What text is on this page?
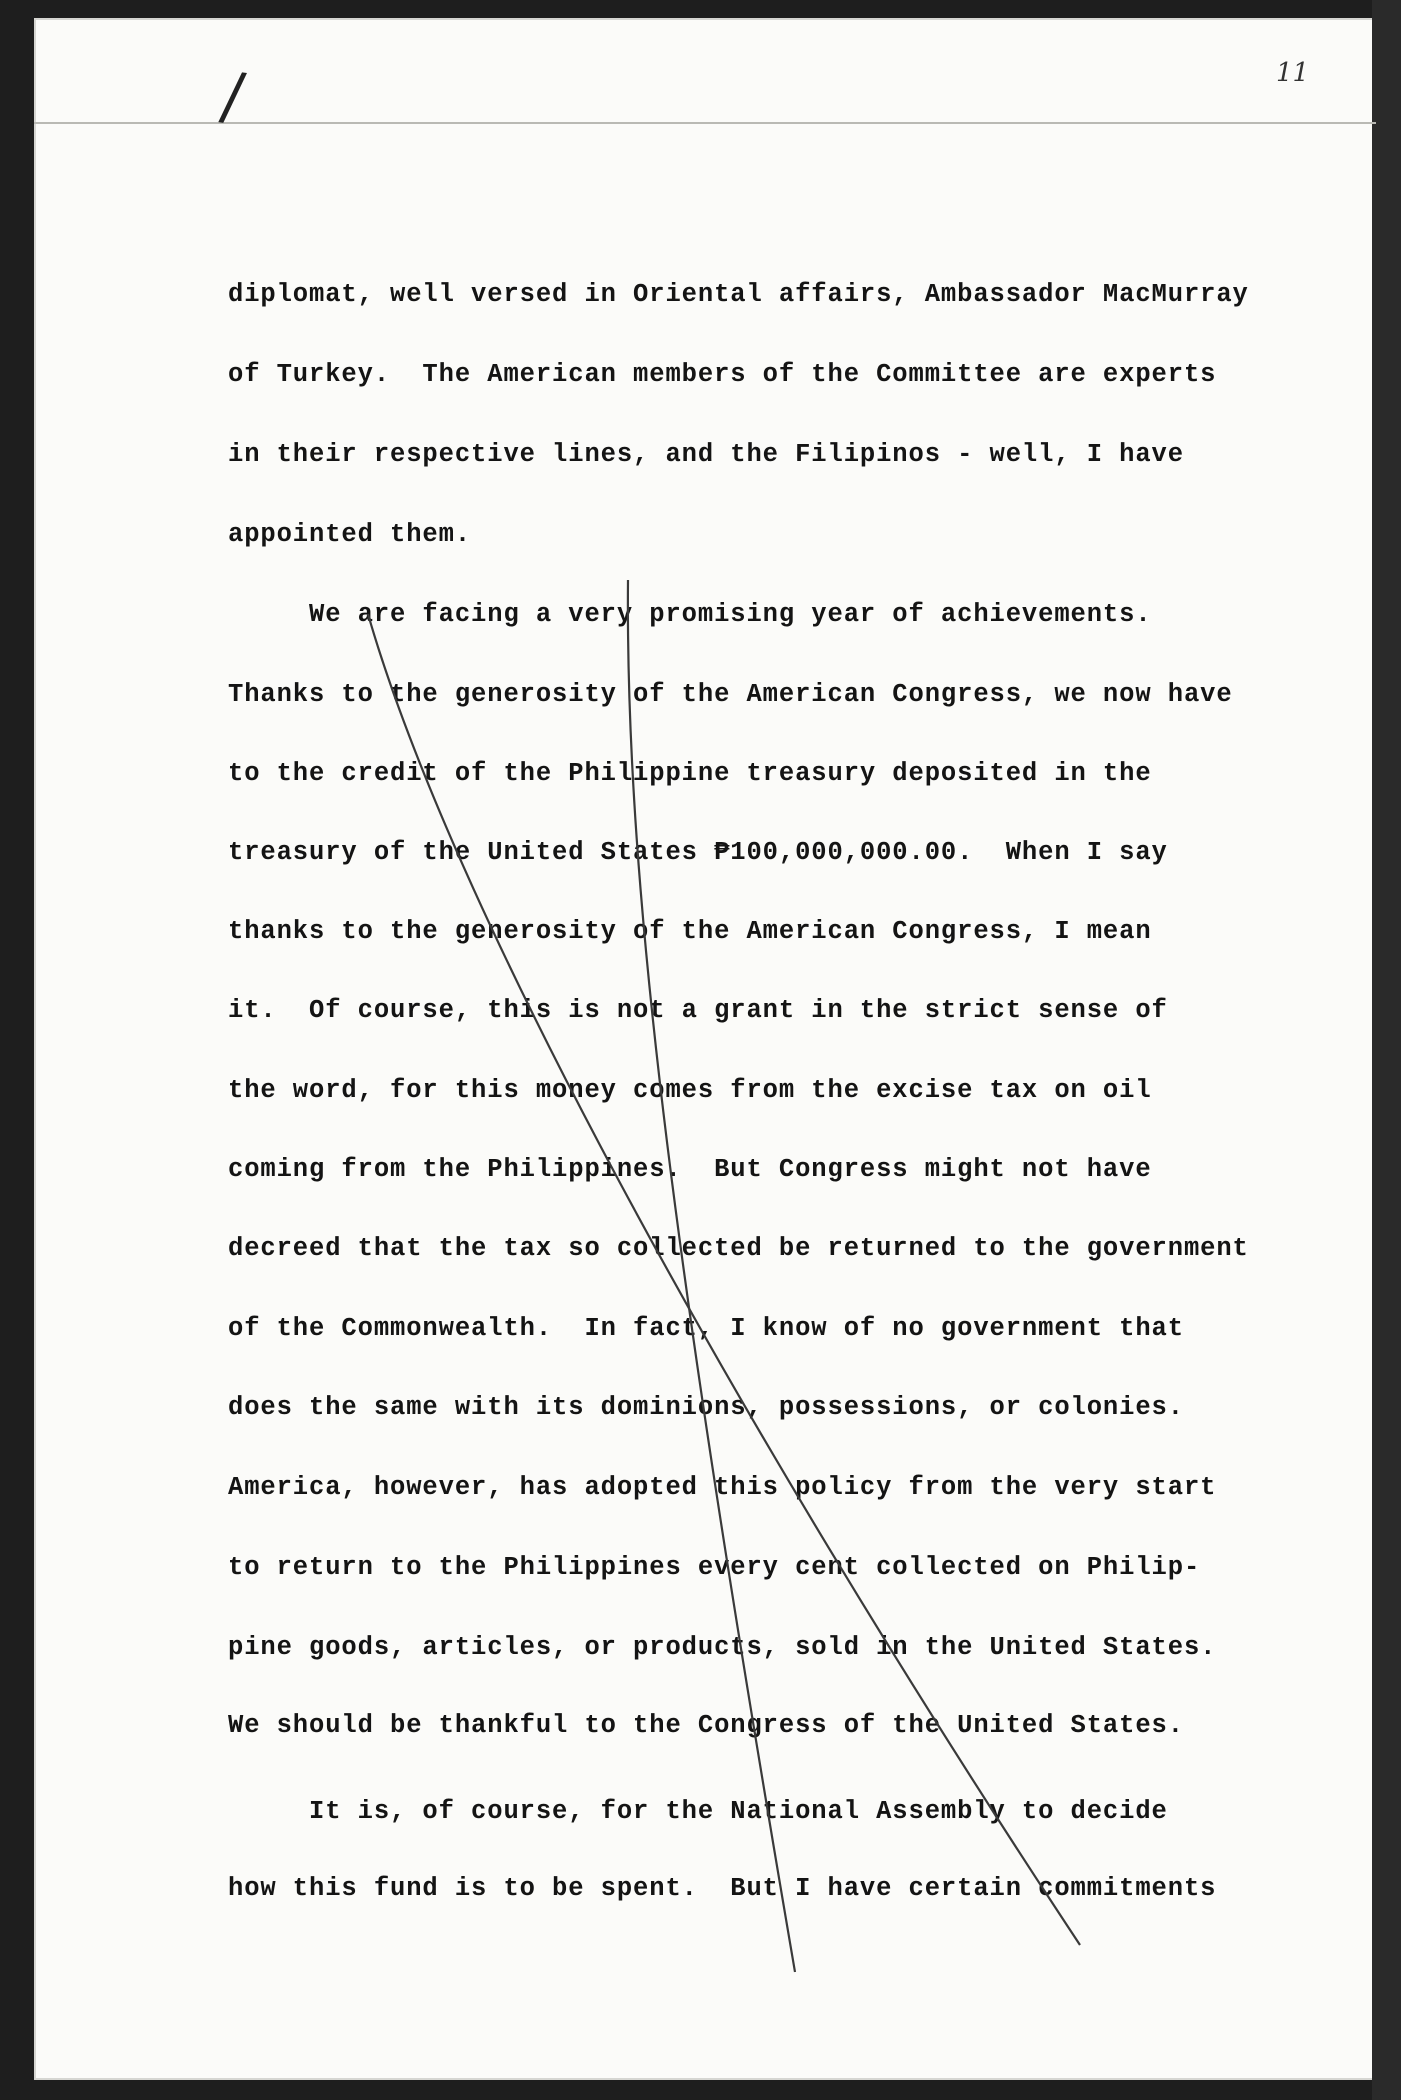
/	11
diplomat, well versed in Oriental affairs, Ambassador MacMurray
of Turkey.  The American members of the Committee are experts
in their respective lines, and the Filipinos - well, I have
appointed them.
We are facing a very promising year of achievements.
Thanks to the generosity of the American Congress, we now have
to the credit of the Philippine treasury deposited in the
treasury of the United States ₱100,000,000.00.  When I say
thanks to the generosity of the American Congress, I mean
it.  Of course, this is not a grant in the strict sense of
the word, for this money comes from the excise tax on oil
coming from the Philippines.  But Congress might not have
decreed that the tax so collected be returned to the government
of the Commonwealth.  In fact, I know of no government that
does the same with its dominions, possessions, or colonies.
America, however, has adopted this policy from the very start
to return to the Philippines every cent collected on Philip-
pine goods, articles, or products, sold in the United States.
We should be thankful to the Congress of the United States.
It is, of course, for the National Assembly to decide
how this fund is to be spent.  But I have certain commitments
